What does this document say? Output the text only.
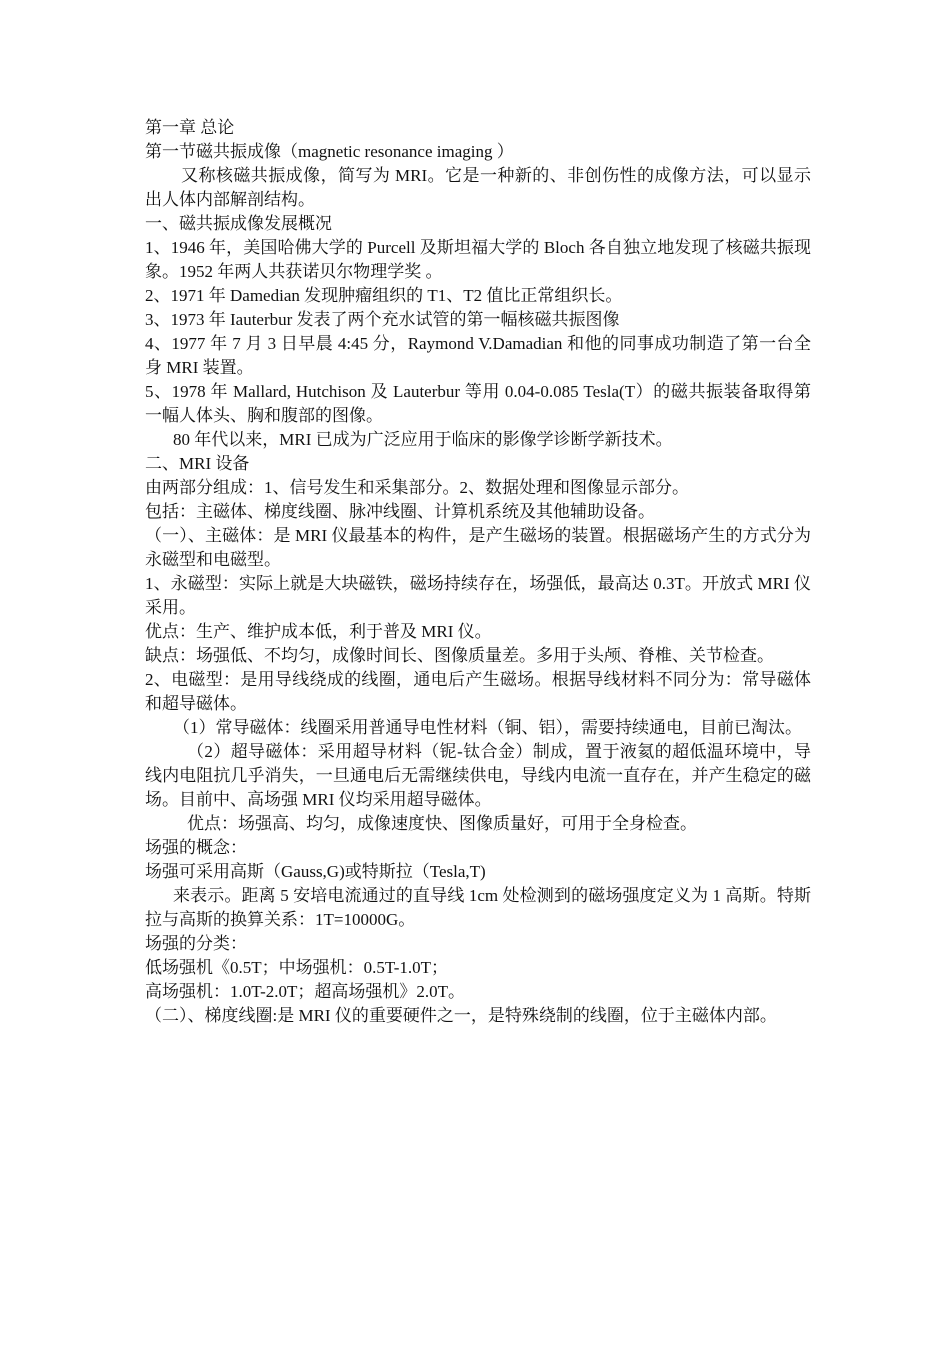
第一章 总论

第一节磁共振成像（magnetic resonance imaging ）

又称核磁共振成像，简写为 MRI。它是一种新的、非创伤性的成像方法，可以显示出人体内部解剖结构。

一、磁共振成像发展概况

1、1946 年，美国哈佛大学的 Purcell 及斯坦福大学的 Bloch 各自独立地发现了核磁共振现象。1952 年两人共获诺贝尔物理学奖 。

2、1971 年 Damedian 发现肿瘤组织的 T1、T2 值比正常组织长。

3、1973 年 Iauterbur 发表了两个充水试管的第一幅核磁共振图像

4、1977 年 7 月 3 日早晨 4:45 分，Raymond V.Damadian 和他的同事成功制造了第一台全身 MRI 装置。

5、1978 年 Mallard, Hutchison 及 Lauterbur 等用 0.04-0.085 Tesla(T）的磁共振装备取得第一幅人体头、胸和腹部的图像。

80 年代以来，MRI 已成为广泛应用于临床的影像学诊断学新技术。

二、MRI 设备

由两部分组成：1、信号发生和采集部分。2、数据处理和图像显示部分。

包括：主磁体、梯度线圈、脉冲线圈、计算机系统及其他辅助设备。

（一）、主磁体：是 MRI 仪最基本的构件，是产生磁场的装置。根据磁场产生的方式分为永磁型和电磁型。

1、永磁型：实际上就是大块磁铁，磁场持续存在，场强低，最高达 0.3T。开放式 MRI 仪采用。

优点：生产、维护成本低，利于普及 MRI 仪。

缺点：场强低、不均匀，成像时间长、图像质量差。多用于头颅、脊椎、关节检查。

2、电磁型：是用导线绕成的线圈，通电后产生磁场。根据导线材料不同分为：常导磁体和超导磁体。

（1）常导磁体：线圈采用普通导电性材料（铜、铝），需要持续通电，目前已淘汰。

（2）超导磁体：采用超导材料（铌-钛合金）制成，置于液氦的超低温环境中，导线内电阻抗几乎消失，一旦通电后无需继续供电，导线内电流一直存在，并产生稳定的磁场。目前中、高场强 MRI 仪均采用超导磁体。

优点：场强高、均匀，成像速度快、图像质量好，可用于全身检查。

场强的概念：

场强可采用高斯（Gauss,G)或特斯拉（Tesla,T)

来表示。距离 5 安培电流通过的直导线 1cm 处检测到的磁场强度定义为 1 高斯。特斯拉与高斯的换算关系：1T=10000G。

场强的分类：

低场强机《0.5T；中场强机：0.5T-1.0T；

高场强机：1.0T-2.0T；超高场强机》2.0T。

（二）、梯度线圈:是 MRI 仪的重要硬件之一，是特殊绕制的线圈，位于主磁体内部。
